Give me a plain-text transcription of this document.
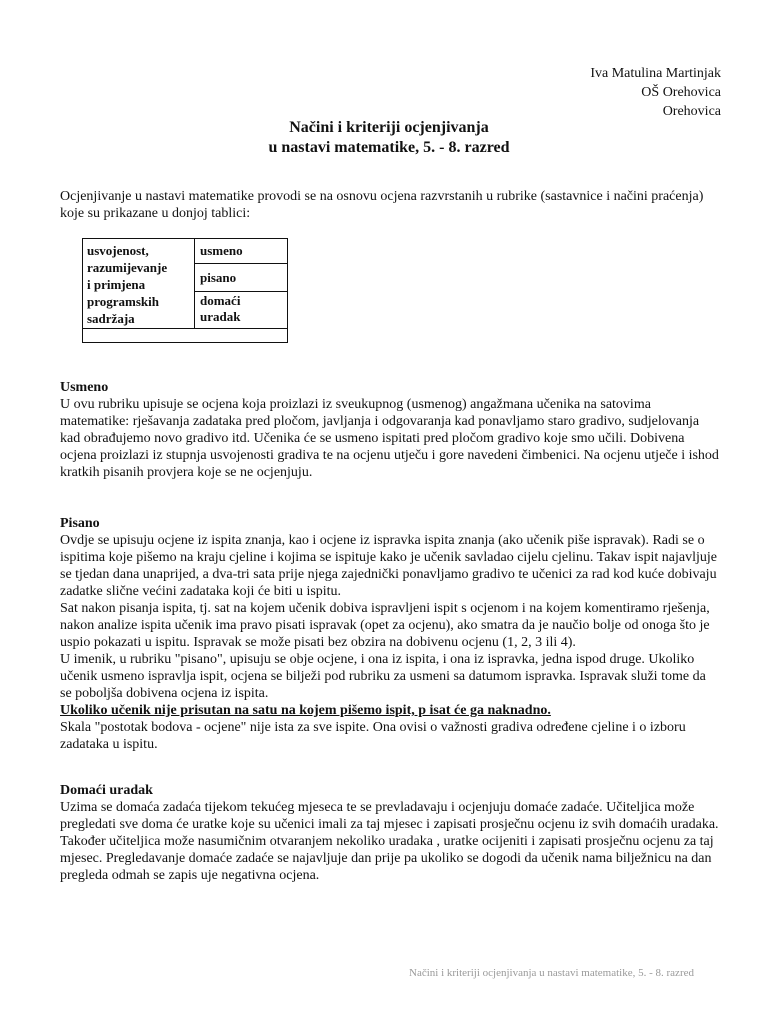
Iva Matulina Martinjak
OŠ Orehovica
Orehovica
Načini i kriteriji ocjenjivanja
u nastavi matematike, 5. - 8. razred
Ocjenjivanje u nastavi matematike provodi se na osnovu ocjena razvrstanih u rubrike (sastavnice i načini praćenja) koje su prikazane u donjoj tablici:
usvojenost,
razumijevanje
i primjena
programskih
sadržaja
usmeno
pisano
domaći
uradak
Usmeno

U ovu rubriku upisuje se ocjena koja proizlazi iz sveukupnog (usmenog) angažmana učenika na satovima matematike: rješavanja zadataka pred pločom, javljanja i odgovaranja kad ponavljamo staro gradivo, sudjelovanja kad obrađujemo novo gradivo itd. Učenika će se usmeno ispitati pred pločom gradivo koje smo učili. Dobivena ocjena proizlazi iz stupnja usvojenosti gradiva te na ocjenu utječu i gore navedeni čimbenici. Na ocjenu utječe i ishod kratkih pisanih provjera koje se ne ocjenjuju.

Pisano

Ovdje se upisuju ocjene iz ispita znanja, kao i ocjene iz ispravka ispita znanja (ako učenik piše ispravak). Radi se o ispitima koje pišemo na kraju cjeline i kojima se ispituje kako je učenik savladao cijelu cjelinu. Takav ispit najavljuje se tjedan dana unaprijed, a dva-tri sata prije njega zajednički ponavljamo gradivo te učenici za rad kod kuće dobivaju zadatke slične većini zadataka koji će biti u ispitu.

Sat nakon pisanja ispita, tj. sat na kojem učenik dobiva ispravljeni ispit s ocjenom i na kojem komentiramo rješenja, nakon analize ispita učenik ima pravo pisati ispravak (opet za ocjenu), ako smatra da je naučio bolje od onoga što je uspio pokazati u ispitu. Ispravak se može pisati bez obzira na dobivenu ocjenu (1, 2, 3 ili 4).

U imenik, u rubriku "pisano", upisuju se obje ocjene, i ona iz ispita, i ona iz ispravka, jedna ispod druge. Ukoliko učenik usmeno ispravlja ispit, ocjena se bilježi pod rubriku za usmeni sa datumom ispravka. Ispravak služi tome da se poboljša dobivena ocjena iz ispita.

Ukoliko učenik nije prisutan na satu na kojem pišemo ispit, p isat će ga naknadno.

Skala "postotak bodova - ocjene" nije ista za sve ispite. Ona ovisi o važnosti gradiva određene cjeline i o izboru zadataka u ispitu.

Domaći uradak

Uzima se domaća zadaća tijekom tekućeg mjeseca te se prevladavaju i ocjenjuju domaće zadaće. Učiteljica može pregledati sve doma će uratke koje su učenici imali za taj mjesec i zapisati prosječnu ocjenu iz svih domaćih uradaka. Također učiteljica može nasumičnim otvaranjem nekoliko uradaka , uratke ocijeniti i zapisati prosječnu ocjenu za taj mjesec. Pregledavanje domaće zadaće se najavljuje dan prije pa ukoliko se dogodi da učenik nama bilježnicu na dan pregleda odmah se zapis uje negativna ocjena.

Načini i kriteriji ocjenjivanja u nastavi matematike, 5. - 8. razred
